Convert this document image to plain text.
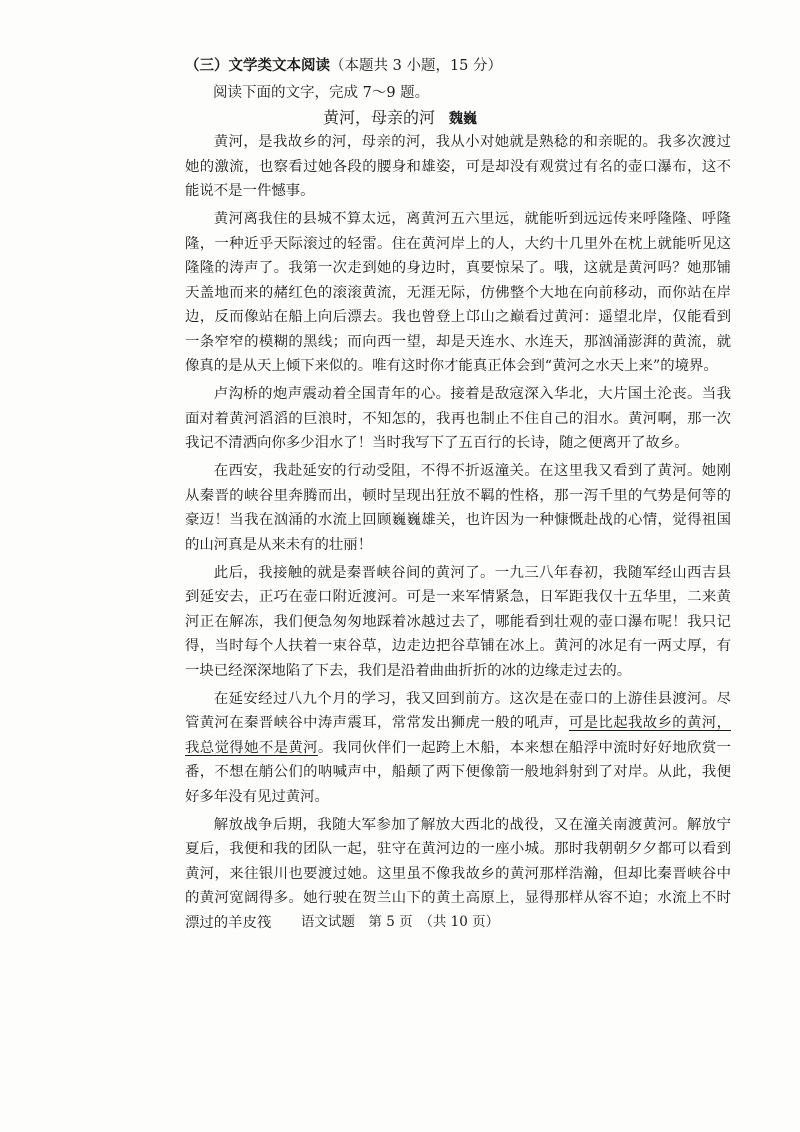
（三）文学类文本阅读（本题共 3 小题，15 分）
阅读下面的文字，完成 7～9 题。
黄河，母亲的河 魏巍

黄河，是我故乡的河，母亲的河，我从小对她就是熟稔的和亲昵的。我多次渡过她的激流，也察看过她各段的腰身和雄姿，可是却没有观赏过有名的壶口瀑布，这不能说不是一件憾事。

黄河离我住的县城不算太远，离黄河五六里远，就能听到远远传来呼隆隆、呼隆隆，一种近乎天际滚过的轻雷。住在黄河岸上的人，大约十几里外在枕上就能听见这隆隆的涛声了。我第一次走到她的身边时，真要惊呆了。哦，这就是黄河吗？她那铺天盖地而来的赭红色的滚滚黄流，无涯无际，仿佛整个大地在向前移动，而你站在岸边，反而像站在船上向后漂去。我也曾登上邙山之巅看过黄河：遥望北岸，仅能看到一条窄窄的模糊的黑线；而向西一望，却是天连水、水连天，那汹涌澎湃的黄流，就像真的是从天上倾下来似的。唯有这时你才能真正体会到“黄河之水天上来”的境界。

卢沟桥的炮声震动着全国青年的心。接着是敌寇深入华北，大片国土沦丧。当我面对着黄河滔滔的巨浪时，不知怎的，我再也制止不住自己的泪水。黄河啊，那一次我记不清洒向你多少泪水了！当时我写下了五百行的长诗，随之便离开了故乡。

在西安，我赴延安的行动受阻，不得不折返潼关。在这里我又看到了黄河。她刚从秦晋的峡谷里奔腾而出，顿时呈现出狂放不羁的性格，那一泻千里的气势是何等的豪迈！当我在汹涌的水流上回顾巍巍雄关，也许因为一种慷慨赴战的心情，觉得祖国的山河真是从来未有的壮丽！

此后，我接触的就是秦晋峡谷间的黄河了。一九三八年春初，我随军经山西吉县到延安去，正巧在壶口附近渡河。可是一来军情紧急，日军距我仅十五华里，二来黄河正在解冻，我们便急匆匆地踩着冰越过去了，哪能看到壮观的壶口瀑布呢！我只记得，当时每个人扶着一束谷草，边走边把谷草铺在冰上。黄河的冰足有一两丈厚，有一块已经深深地陷了下去，我们是沿着曲曲折折的冰的边缘走过去的。

在延安经过八九个月的学习，我又回到前方。这次是在壶口的上游佳县渡河。尽管黄河在秦晋峡谷中涛声震耳，常常发出狮虎一般的吼声，可是比起我故乡的黄河，我总觉得她不是黄河。我同伙伴们一起跨上木船，本来想在船浮中流时好好地欣赏一番，不想在艄公们的呐喊声中，船颠了两下便像箭一般地斜射到了对岸。从此，我便好多年没有见过黄河。

解放战争后期，我随大军参加了解放大西北的战役，又在潼关南渡黄河。解放宁夏后，我便和我的团队一起，驻守在黄河边的一座小城。那时我朝朝夕夕都可以看到黄河，来往银川也要渡过她。这里虽不像我故乡的黄河那样浩瀚，但却比秦晋峡谷中的黄河宽阔得多。她行驶在贺兰山下的黄土高原上，显得那样从容不迫；水流上不时漂过的羊皮筏	语文试题　第 5 页　（共 10 页）
